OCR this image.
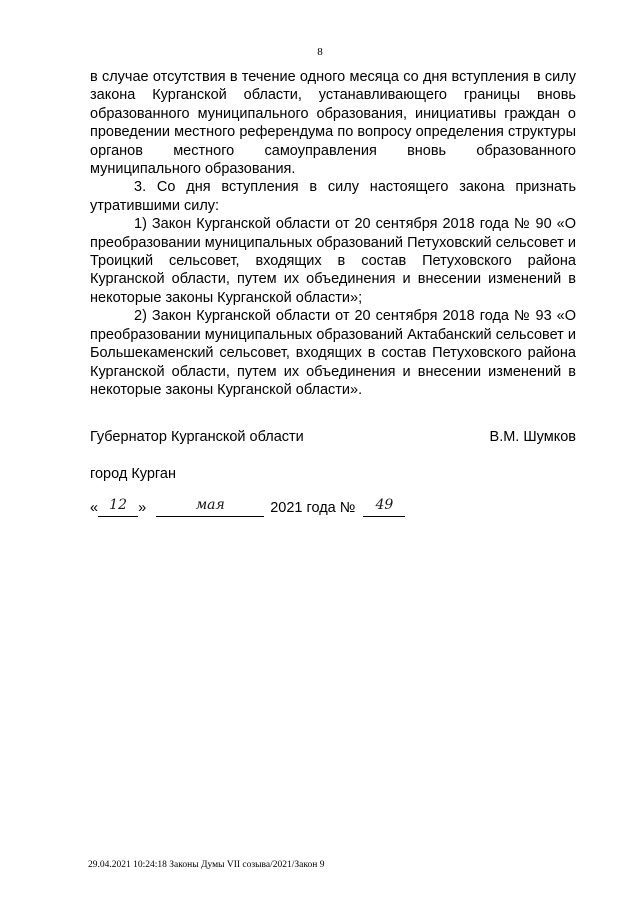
8

в случае отсутствия в течение одного месяца со дня вступления в силу закона Курганской области, устанавливающего границы вновь образованного муниципального образования, инициативы граждан о проведении местного референдума по вопросу определения структуры органов местного самоуправления вновь образованного муниципального образования.

3. Со дня вступления в силу настоящего закона признать утратившими силу:

1) Закон Курганской области от 20 сентября 2018 года № 90 «О преобразовании муниципальных образований Петуховский сельсовет и Троицкий сельсовет, входящих в состав Петуховского района Курганской области, путем их объединения и внесении изменений в некоторые законы Курганской области»;

2) Закон Курганской области от 20 сентября 2018 года № 93 «О преобразовании муниципальных образований Актабанский сельсовет и Большекаменский сельсовет, входящих в состав Петуховского района Курганской области, путем их объединения и внесении изменений в некоторые законы Курганской области».

Губернатор Курганской области	В.М. Шумков
город Курган
« 12 »	мая	2021 года № 49
29.04.2021 10:24:18 Законы Думы VII созыва/2021/Закон 9
